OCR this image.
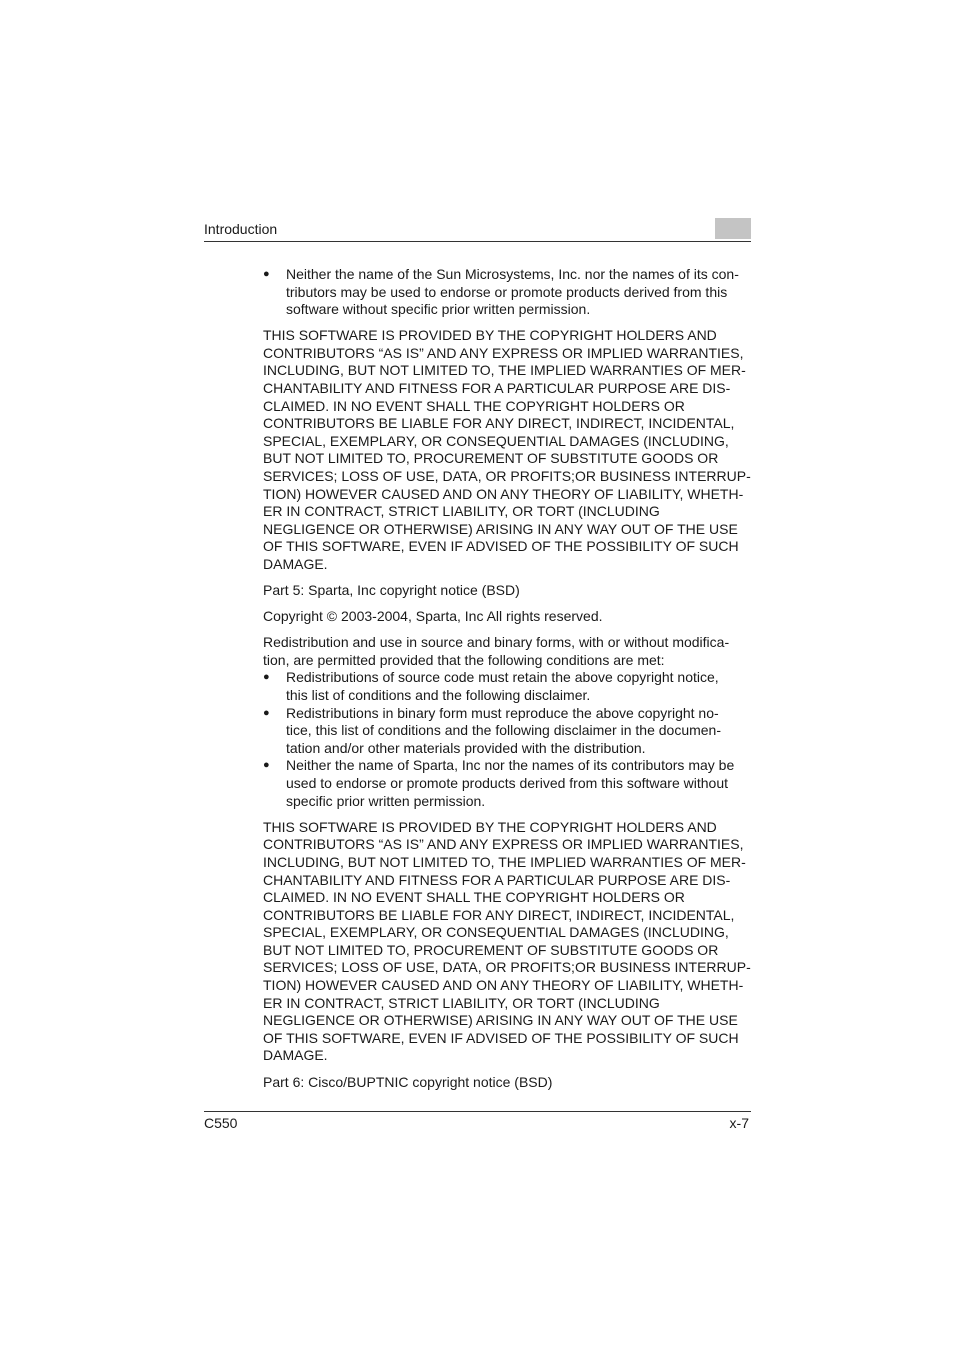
Introduction
● Neither the name of the Sun Microsystems, Inc. nor the names of its con-
tributors may be used to endorse or promote products derived from this
software without specific prior written permission.

THIS SOFTWARE IS PROVIDED BY THE COPYRIGHT HOLDERS AND
CONTRIBUTORS “AS IS” AND ANY EXPRESS OR IMPLIED WARRANTIES,
INCLUDING, BUT NOT LIMITED TO, THE IMPLIED WARRANTIES OF MER-
CHANTABILITY AND FITNESS FOR A PARTICULAR PURPOSE ARE DIS-
CLAIMED. IN NO EVENT SHALL THE COPYRIGHT HOLDERS OR
CONTRIBUTORS BE LIABLE FOR ANY DIRECT, INDIRECT, INCIDENTAL,
SPECIAL, EXEMPLARY, OR CONSEQUENTIAL DAMAGES (INCLUDING,
BUT NOT LIMITED TO, PROCUREMENT OF SUBSTITUTE GOODS OR
SERVICES; LOSS OF USE, DATA, OR PROFITS;OR BUSINESS INTERRUP-
TION) HOWEVER CAUSED AND ON ANY THEORY OF LIABILITY, WHETH-
ER IN CONTRACT, STRICT LIABILITY, OR TORT (INCLUDING
NEGLIGENCE OR OTHERWISE) ARISING IN ANY WAY OUT OF THE USE
OF THIS SOFTWARE, EVEN IF ADVISED OF THE POSSIBILITY OF SUCH
DAMAGE.

Part 5: Sparta, Inc copyright notice (BSD)

Copyright © 2003-2004, Sparta, Inc All rights reserved.

Redistribution and use in source and binary forms, with or without modifica-
tion, are permitted provided that the following conditions are met:

● Redistributions of source code must retain the above copyright notice,
this list of conditions and the following disclaimer.
● Redistributions in binary form must reproduce the above copyright no-
tice, this list of conditions and the following disclaimer in the documen-
tation and/or other materials provided with the distribution.
● Neither the name of Sparta, Inc nor the names of its contributors may be
used to endorse or promote products derived from this software without
specific prior written permission.

THIS SOFTWARE IS PROVIDED BY THE COPYRIGHT HOLDERS AND
CONTRIBUTORS “AS IS” AND ANY EXPRESS OR IMPLIED WARRANTIES,
INCLUDING, BUT NOT LIMITED TO, THE IMPLIED WARRANTIES OF MER-
CHANTABILITY AND FITNESS FOR A PARTICULAR PURPOSE ARE DIS-
CLAIMED. IN NO EVENT SHALL THE COPYRIGHT HOLDERS OR
CONTRIBUTORS BE LIABLE FOR ANY DIRECT, INDIRECT, INCIDENTAL,
SPECIAL, EXEMPLARY, OR CONSEQUENTIAL DAMAGES (INCLUDING,
BUT NOT LIMITED TO, PROCUREMENT OF SUBSTITUTE GOODS OR
SERVICES; LOSS OF USE, DATA, OR PROFITS;OR BUSINESS INTERRUP-
TION) HOWEVER CAUSED AND ON ANY THEORY OF LIABILITY, WHETH-
ER IN CONTRACT, STRICT LIABILITY, OR TORT (INCLUDING
NEGLIGENCE OR OTHERWISE) ARISING IN ANY WAY OUT OF THE USE
OF THIS SOFTWARE, EVEN IF ADVISED OF THE POSSIBILITY OF SUCH
DAMAGE.

Part 6: Cisco/BUPTNIC copyright notice (BSD)

C550	x-7
